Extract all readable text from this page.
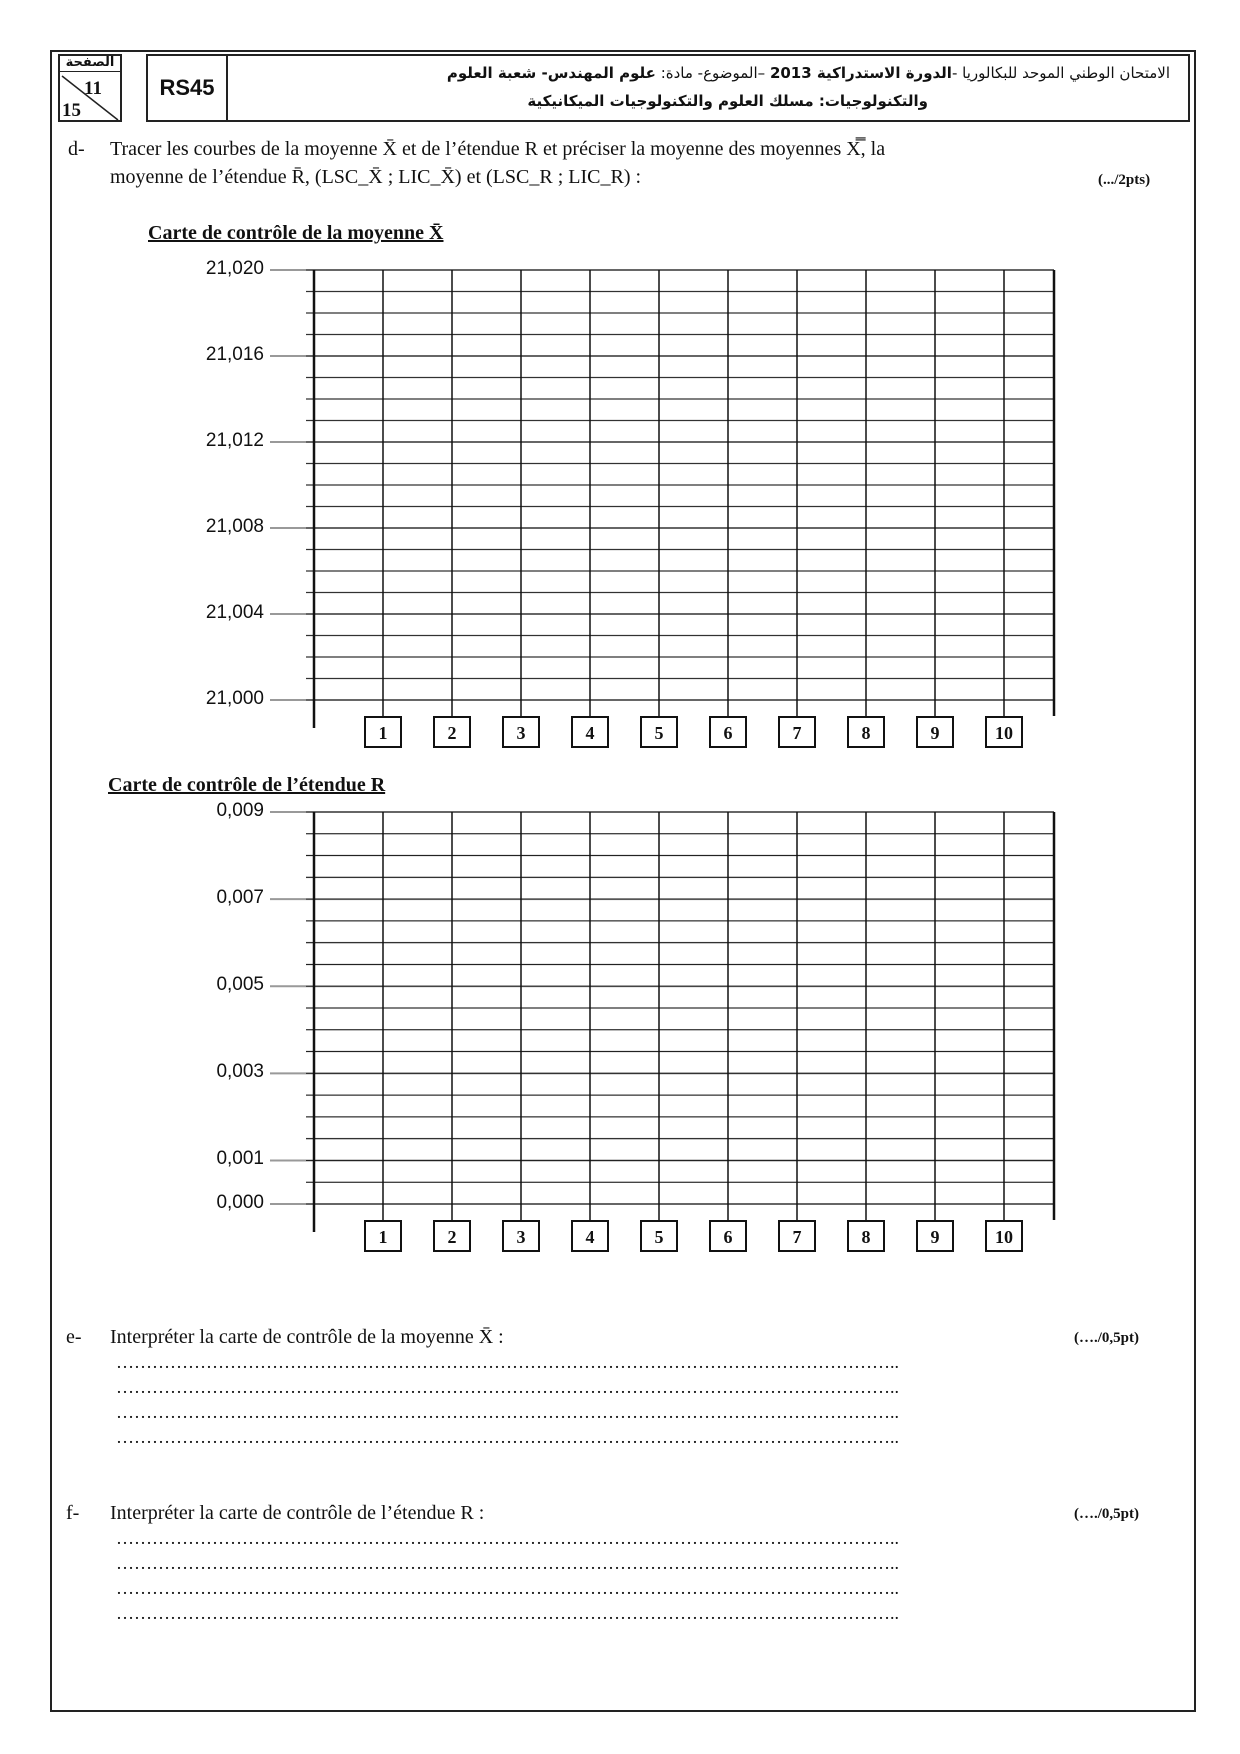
الصفحة
11
15
RS45
الامتحان الوطني الموحد للبكالوريا -الدورة الاستدراكية 2013 –الموضوع- مادة: علوم المهندس- شعبة العلوم
والتكنولوجيات: مسلك العلوم والتكنولوجيات الميكانيكية
d- Tracer les courbes de la moyenne X̄ et de l’étendue R et préciser la moyenne des moyennes X̿, la
moyenne de l’étendue R̄, (LSC_X̄ ; LIC_X̄) et (LSC_R ; LIC_R) :	(.../2pts)
Carte de contrôle de la moyenne X̄
21,020
21,016
21,012
21,008
21,004
21,000
1	2	3	4	5	6	7	8	9	10
Carte de contrôle de l’étendue R
0,009
0,007
0,005
0,003
0,001
0,000
1	2	3	4	5	6	7	8	9	10
e- Interpréter la carte de contrôle de la moyenne X̄ :	(…./0,5pt)
…………………………………………………………………………………………………………………..
…………………………………………………………………………………………………………………..
…………………………………………………………………………………………………………………..
…………………………………………………………………………………………………………………..
f- Interpréter la carte de contrôle de l’étendue R :	(…./0,5pt)
…………………………………………………………………………………………………………………..
…………………………………………………………………………………………………………………..
…………………………………………………………………………………………………………………..
…………………………………………………………………………………………………………………..
